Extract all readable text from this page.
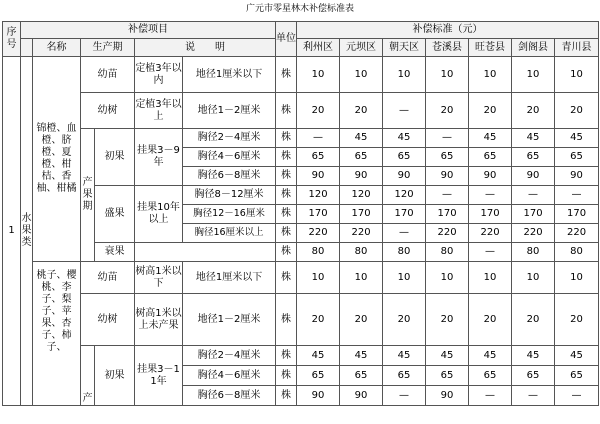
广元市零星林木补偿标准表
序号	补偿项目						单位	补偿标准（元）						
		名称	生产期		说　　明			利州区	元坝区	朝天区	苍溪县	旺苍县	剑阁县	青川县
1	水果类	锦橙、血橙、脐橙、夏橙、柑桔、香柚、柑橘	幼苗		定植3年以内	地径1厘米以下	株	10	10	10	10	10	10	10
			幼树		定植3年以上	地径1－2厘米	株	20	20	—	20	20	20	20
			产果期	初果	挂果3－9年	胸径2－4厘米	株	—	45	45	—	45	45	45
						胸径4－6厘米	株	65	65	65	65	65	65	65
						胸径6－8厘米	株	90	90	90	90	90	90	90
				盛果	挂果10年以上	胸径8－12厘米	株	120	120	120	—	—	—	—
						胸径12－16厘米	株	170	170	170	170	170	170	170
						胸径16厘米以上	株	220	220	—	220	220	220	220
				衰果			株	80	80	80	80	—	80	80
		桃子、樱桃、李子、梨子、苹果、杏子、柿子、	幼苗		树高1米以下	地径1厘米以下	株	10	10	10	10	10	10	10
			幼树		树高1米以上未产果	地径1－2厘米	株	20	20	20	20	20	20	20
			产	初果	挂果3－11年	胸径2－4厘米	株	45	45	45	45	45	45	45
						胸径4－6厘米	株	65	65	65	65	65	65	65
						胸径6－8厘米	株	90	90	—	90	—	—	—
